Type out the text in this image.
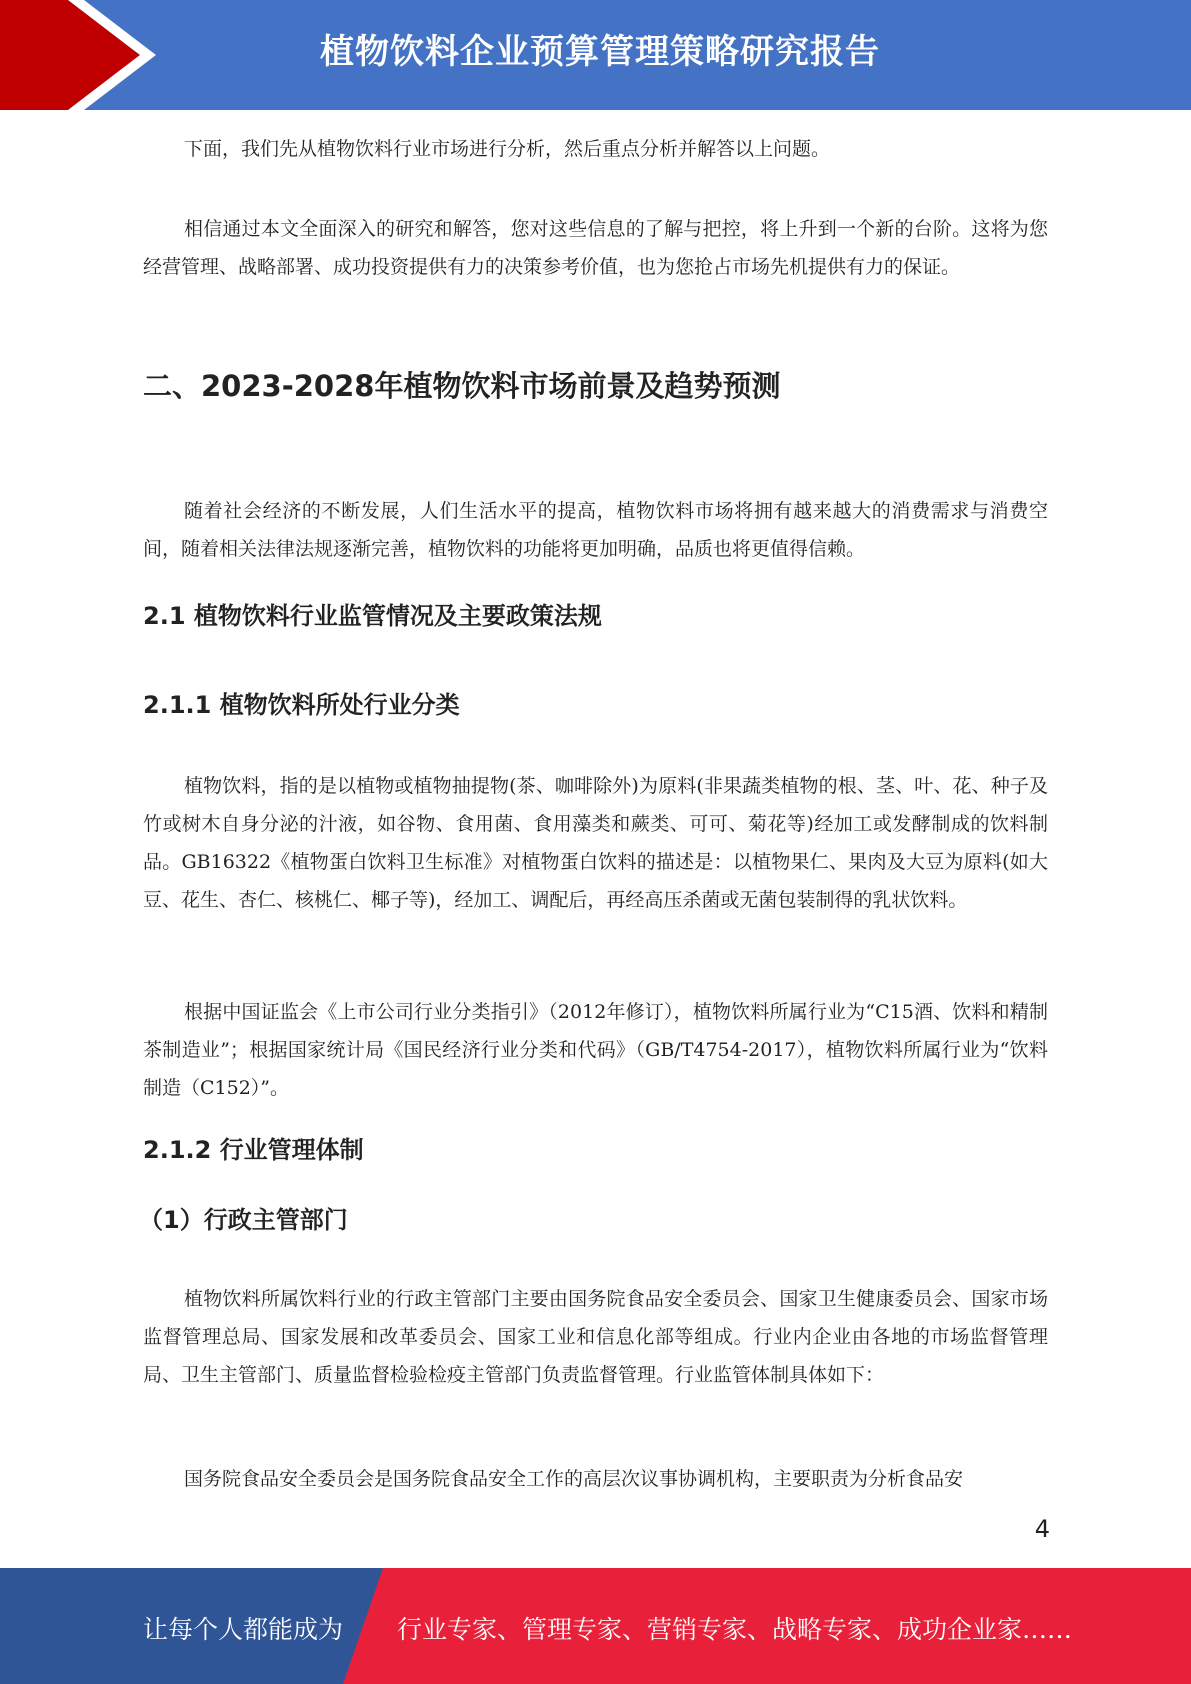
植物饮料企业预算管理策略研究报告

下面，我们先从植物饮料行业市场进行分析，然后重点分析并解答以上问题。

相信通过本文全面深入的研究和解答，您对这些信息的了解与把控，将上升到一个新的台阶。这将为您经营管理、战略部署、成功投资提供有力的决策参考价值，也为您抢占市场先机提供有力的保证。

二、2023-2028年植物饮料市场前景及趋势预测

随着社会经济的不断发展，人们生活水平的提高，植物饮料市场将拥有越来越大的消费需求与消费空间，随着相关法律法规逐渐完善，植物饮料的功能将更加明确，品质也将更值得信赖。

2.1 植物饮料行业监管情况及主要政策法规
2.1.1 植物饮料所处行业分类

植物饮料，指的是以植物或植物抽提物(茶、咖啡除外)为原料(非果蔬类植物的根、茎、叶、花、种子及竹或树木自身分泌的汁液，如谷物、食用菌、食用藻类和蕨类、可可、菊花等)经加工或发酵制成的饮料制品。GB16322《植物蛋白饮料卫生标准》对植物蛋白饮料的描述是：以植物果仁、果肉及大豆为原料(如大豆、花生、杏仁、核桃仁、椰子等)，经加工、调配后，再经高压杀菌或无菌包装制得的乳状饮料。

根据中国证监会《上市公司行业分类指引》（2012年修订），植物饮料所属行业为“C15酒、饮料和精制茶制造业”；根据国家统计局《国民经济行业分类和代码》（GB/T4754-2017），植物饮料所属行业为“饮料制造（C152）”。

2.1.2 行业管理体制
（1）行政主管部门

植物饮料所属饮料行业的行政主管部门主要由国务院食品安全委员会、国家卫生健康委员会、国家市场监督管理总局、国家发展和改革委员会、国家工业和信息化部等组成。行业内企业由各地的市场监督管理局、卫生主管部门、质量监督检验检疫主管部门负责监督管理。行业监管体制具体如下：

国务院食品安全委员会是国务院食品安全工作的高层次议事协调机构，主要职责为分析食品安

4
让每个人都能成为 行业专家、管理专家、营销专家、战略专家、成功企业家……
